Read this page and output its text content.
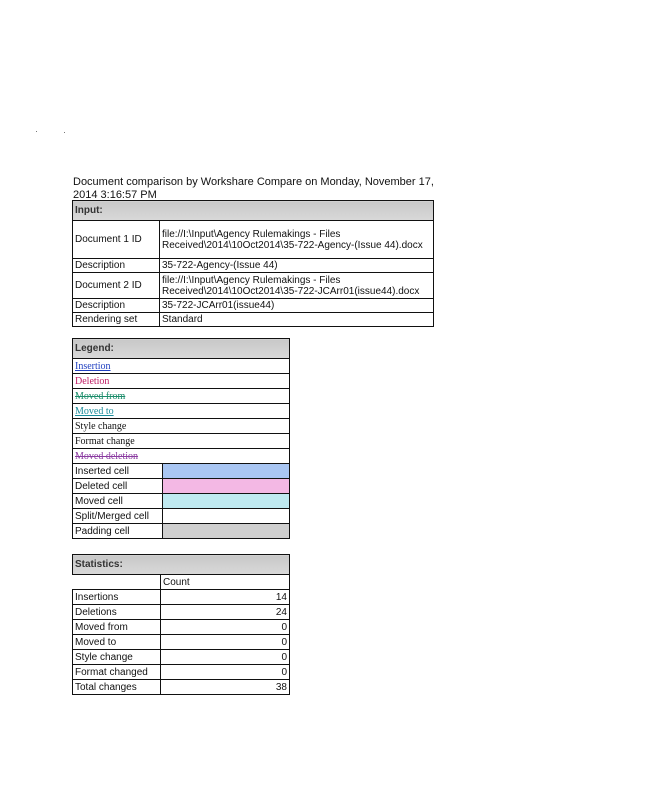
Document comparison by Workshare Compare on Monday, November 17, 2014 3:16:57 PM
Input:	
Document 1 ID	file://I:\Input\Agency Rulemakings - Files Received\2014\10Oct2014\35-722-Agency-(Issue 44).docx
Description	35-722-Agency-(Issue 44)
Document 2 ID	file://I:\Input\Agency Rulemakings - Files Received\2014\10Oct2014\35-722-JCArr01(issue44).docx
Description	35-722-JCArr01(issue44)
Rendering set	Standard
Legend:	
Insertion	
Deletion	
Moved from	
Moved to	
Style change	
Format change	
Moved deletion	
Inserted cell	
Deleted cell	
Moved cell	
Split/Merged cell	
Padding cell	
Statistics:	
	Count
Insertions	14
Deletions	24
Moved from	0
Moved to	0
Style change	0
Format changed	0
Total changes	38
